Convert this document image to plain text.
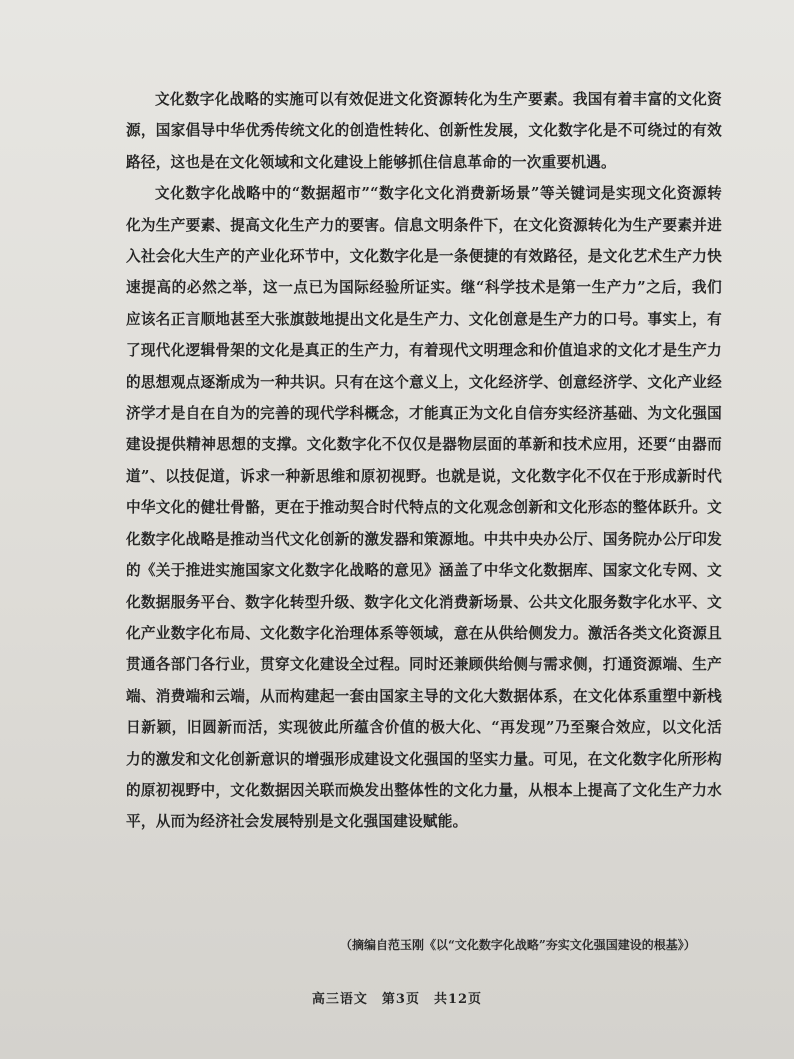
文化数字化战略的实施可以有效促进文化资源转化为生产要素。我国有着丰富的文化资源，国家倡导中华优秀传统文化的创造性转化、创新性发展，文化数字化是不可绕过的有效路径，这也是在文化领域和文化建设上能够抓住信息革命的一次重要机遇。

文化数字化战略中的“数据超市”“数字化文化消费新场景”等关键词是实现文化资源转化为生产要素、提高文化生产力的要害。信息文明条件下，在文化资源转化为生产要素并进入社会化大生产的产业化环节中，文化数字化是一条便捷的有效路径，是文化艺术生产力快速提高的必然之举，这一点已为国际经验所证实。继“科学技术是第一生产力”之后，我们应该名正言顺地甚至大张旗鼓地提出文化是生产力、文化创意是生产力的口号。事实上，有了现代化逻辑骨架的文化是真正的生产力，有着现代文明理念和价值追求的文化才是生产力的思想观点逐渐成为一种共识。只有在这个意义上，文化经济学、创意经济学、文化产业经济学才是自在自为的完善的现代学科概念，才能真正为文化自信夯实经济基础、为文化强国建设提供精神思想的支撑。文化数字化不仅仅是器物层面的革新和技术应用，还要“由器而道”、以技促道，诉求一种新思维和原初视野。也就是说，文化数字化不仅在于形成新时代中华文化的健壮骨骼，更在于推动契合时代特点的文化观念创新和文化形态的整体跃升。文化数字化战略是推动当代文化创新的激发器和策源地。中共中央办公厅、国务院办公厅印发的《关于推进实施国家文化数字化战略的意见》涵盖了中华文化数据库、国家文化专网、文化数据服务平台、数字化转型升级、数字化文化消费新场景、公共文化服务数字化水平、文化产业数字化布局、文化数字化治理体系等领域，意在从供给侧发力。激活各类文化资源且贯通各部门各行业，贯穿文化建设全过程。同时还兼顾供给侧与需求侧，打通资源端、生产端、消费端和云端，从而构建起一套由国家主导的文化大数据体系，在文化体系重塑中新栈日新颖，旧圆新而活，实现彼此所蕴含价值的极大化、“再发现”乃至聚合效应，以文化活力的激发和文化创新意识的增强形成建设文化强国的坚实力量。可见，在文化数字化所形构的原初视野中，文化数据因关联而焕发出整体性的文化力量，从根本上提高了文化生产力水平，从而为经济社会发展特别是文化强国建设赋能。

（摘编自范玉刚《以“文化数字化战略”夯实文化强国建设的根基》）
高三语文　第3页　共12页
